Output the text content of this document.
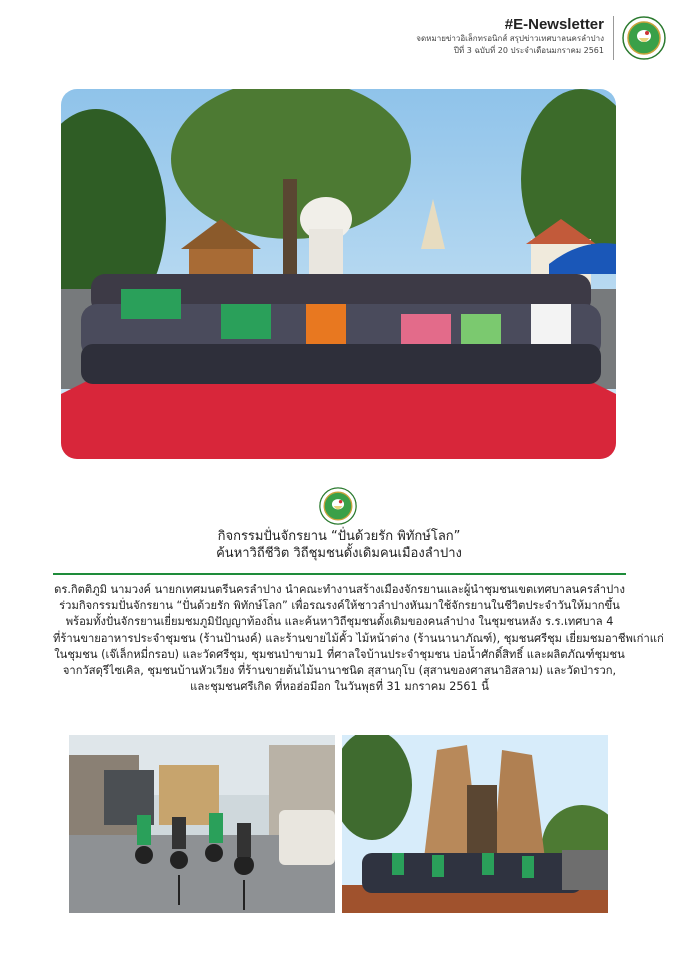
#E-Newsletter
จดหมายข่าวอิเล็กทรอนิกส์ สรุปข่าวเทศบาลนครลำปาง
ปีที่ 3 ฉบับที่ 20 ประจำเดือนมกราคม 2561
กิจกรรมปั่นจักรยาน “ปั่นด้วยรัก พิทักษ์โลก”
ค้นหาวิถีชีวิต วิถีชุมชนดั้งเดิมคนเมืองลำปาง
ดร.กิตติภูมิ นามวงค์ นายกเทศมนตรีนครลำปาง นำคณะทำงานสร้างเมืองจักรยานและผู้นำชุมชนเขตเทศบาลนครลำปาง
ร่วมกิจกรรมปั่นจักรยาน “ปั่นด้วยรัก พิทักษ์โลก” เพื่อรณรงค์ให้ชาวลำปางหันมาใช้จักรยานในชีวิตประจำวันให้มากขึ้น
พร้อมทั้งปั่นจักรยานเยี่ยมชมภูมิปัญญาท้องถิ่น และค้นหาวิถีชุมชนดั้งเดิมของคนลำปาง ในชุมชนหลัง ร.ร.เทศบาล 4
ที่ร้านขายอาหารประจำชุมชน (ร้านป้านงค์) และร้านขายไม้คั้ว ไม้หน้าต่าง (ร้านนานาภัณฑ์), ชุมชนศรีชุม เยี่ยมชมอาชีพเก่าแก่
ในชุมชน (เจ๊เล็กหมี่กรอบ) และวัดศรีชุม, ชุมชนป่าขาม1 ที่ศาลใจบ้านประจำชุมชน บ่อน้ำศักดิ์สิทธิ์ และผลิตภัณฑ์ชุมชน
จากวัสดุรีไซเคิล, ชุมชนบ้านหัวเวียง ที่ร้านขายต้นไม้นานาชนิด สุสานกุโบ (สุสานของศาสนาอิสลาม) และวัดป่ารวก,
และชุมชนศรีเกิด ที่หอฮ่อมีอก ในวันพุธที่ 31 มกราคม 2561 นี้
